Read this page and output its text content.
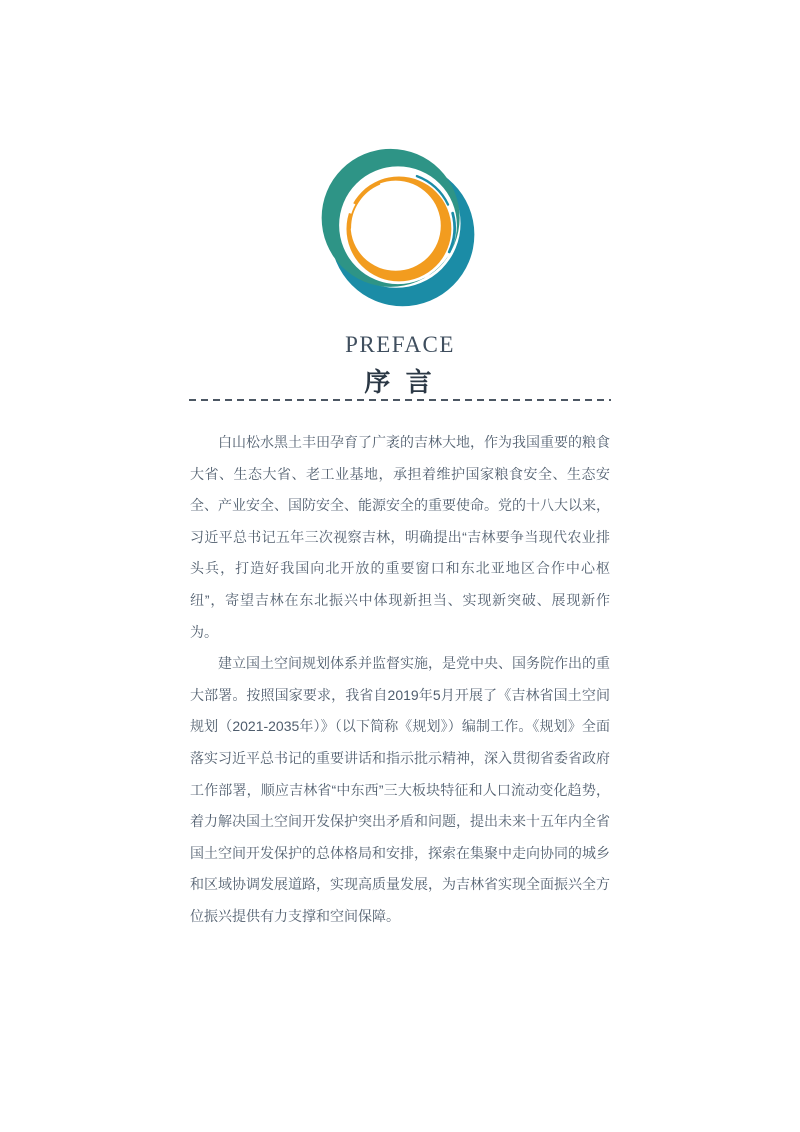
PREFACE
序 言

白山松水黑土丰田孕育了广袤的吉林大地，作为我国重要的粮食大省、生态大省、老工业基地，承担着维护国家粮食安全、生态安全、产业安全、国防安全、能源安全的重要使命。党的十八大以来，习近平总书记五年三次视察吉林，明确提出“吉林要争当现代农业排头兵，打造好我国向北开放的重要窗口和东北亚地区合作中心枢纽”，寄望吉林在东北振兴中体现新担当、实现新突破、展现新作为。

建立国土空间规划体系并监督实施，是党中央、国务院作出的重大部署。按照国家要求，我省自2019年5月开展了《吉林省国土空间规划（2021-2035年）》（以下简称《规划》）编制工作。《规划》全面落实习近平总书记的重要讲话和指示批示精神，深入贯彻省委省政府工作部署，顺应吉林省“中东西”三大板块特征和人口流动变化趋势，着力解决国土空间开发保护突出矛盾和问题，提出未来十五年内全省国土空间开发保护的总体格局和安排，探索在集聚中走向协同的城乡和区域协调发展道路，实现高质量发展，为吉林省实现全面振兴全方位振兴提供有力支撑和空间保障。
